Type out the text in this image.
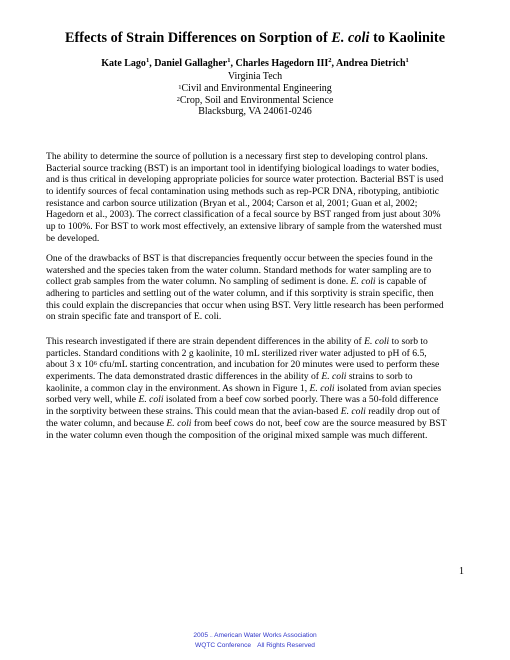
Effects of Strain Differences on Sorption of E. coli to Kaolinite
Kate Lago$^1$, Daniel Gallagher$^1$, Charles Hagedorn III$^2$, Andrea Dietrich$^1$
Virginia Tech
$^1$Civil and Environmental Engineering
$^2$Crop, Soil and Environmental Science
Blacksburg, VA 24061-0246
The ability to determine the source of pollution is a necessary first step to developing control plans.
Bacterial source tracking (BST) is an important tool in identifying biological loadings to water bodies,
and is thus critical in developing appropriate policies for source water protection. Bacterial BST is used
to identify sources of fecal contamination using methods such as rep-PCR DNA, ribotyping, antibiotic
resistance and carbon source utilization (Bryan et al., 2004; Carson et al, 2001; Guan et al, 2002;
Hagedorn et al., 2003). The correct classification of a fecal source by BST ranged from just about 30%
up to 100%. For BST to work most effectively, an extensive library of sample from the watershed must
be developed.
One of the drawbacks of BST is that discrepancies frequently occur between the species found in the
watershed and the species taken from the water column. Standard methods for water sampling are to
collect grab samples from the water column. No sampling of sediment is done. E. coli is capable of
adhering to particles and settling out of the water column, and if this sorptivity is strain specific, then
this could explain the discrepancies that occur when using BST. Very little research has been performed
on strain specific fate and transport of E. coli.
This research investigated if there are strain dependent differences in the ability of E. coli to sorb to
particles. Standard conditions with 2 g kaolinite, 10 mL sterilized river water adjusted to pH of 6.5,
about 3 x $10^6$ cfu/mL starting concentration, and incubation for 20 minutes were used to perform these
experiments. The data demonstrated drastic differences in the ability of E. coli strains to sorb to
kaolinite, a common clay in the environment. As shown in Figure 1, E. coli isolated from avian species
sorbed very well, while E. coli isolated from a beef cow sorbed poorly. There was a 50-fold difference
in the sorptivity between these strains. This could mean that the avian-based E. coli readily drop out of
the water column, and because E. coli from beef cows do not, beef cow are the source measured by BST
in the water column even though the composition of the original mixed sample was much different.
1
2005 .. American Water Works Association
WQTC Conference All Rights Reserved
